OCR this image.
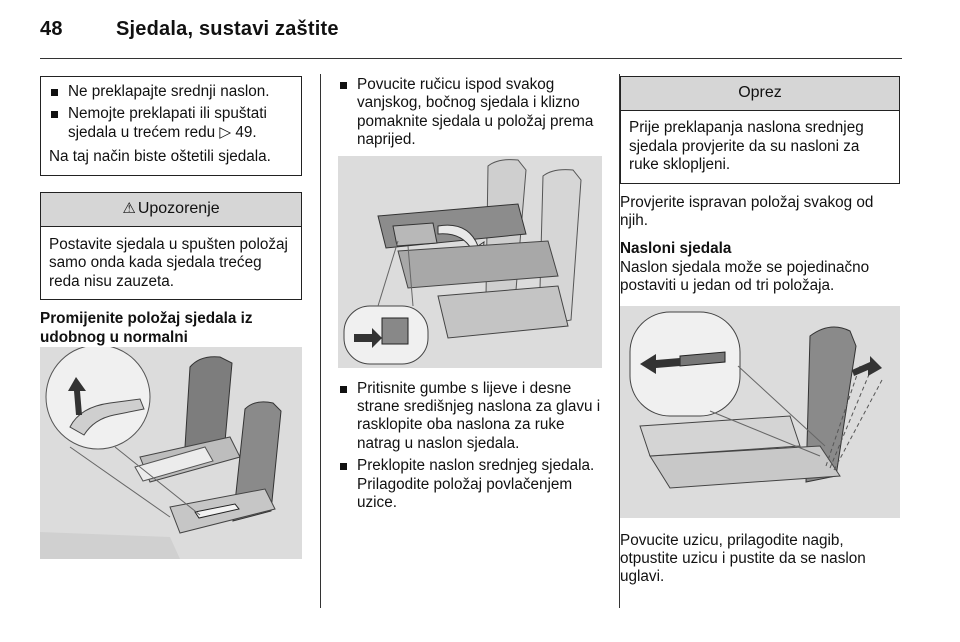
48	Sjedala, sustavi zaštite
Ne preklapajte srednji naslon.
Nemojte preklapati ili spuštati sjedala u trećem redu ▷ 49.
Na taj način biste oštetili sjedala.
⚠ Upozorenje
Postavite sjedala u spušten položaj samo onda kada sjedala trećeg reda nisu zauzeta.
Promijenite položaj sjedala iz udobnog u normalni
Povucite ručicu ispod svakog vanjskog, bočnog sjedala i klizno pomaknite sjedala u položaj prema naprijed.
Pritisnite gumbe s lijeve i desne strane središnjeg naslona za glavu i rasklopite oba naslona za ruke natrag u naslon sjedala.
Preklopite naslon srednjeg sjedala. Prilagodite položaj povlačenjem uzice.
Oprez
Prije preklapanja naslona srednjeg sjedala provjerite da su nasloni za ruke sklopljeni.

Provjerite ispravan položaj svakog od njih.

Nasloni sjedala

Naslon sjedala može se pojedinačno postaviti u jedan od tri položaja.

Povucite uzicu, prilagodite nagib, otpustite uzicu i pustite da se naslon uglavi.
